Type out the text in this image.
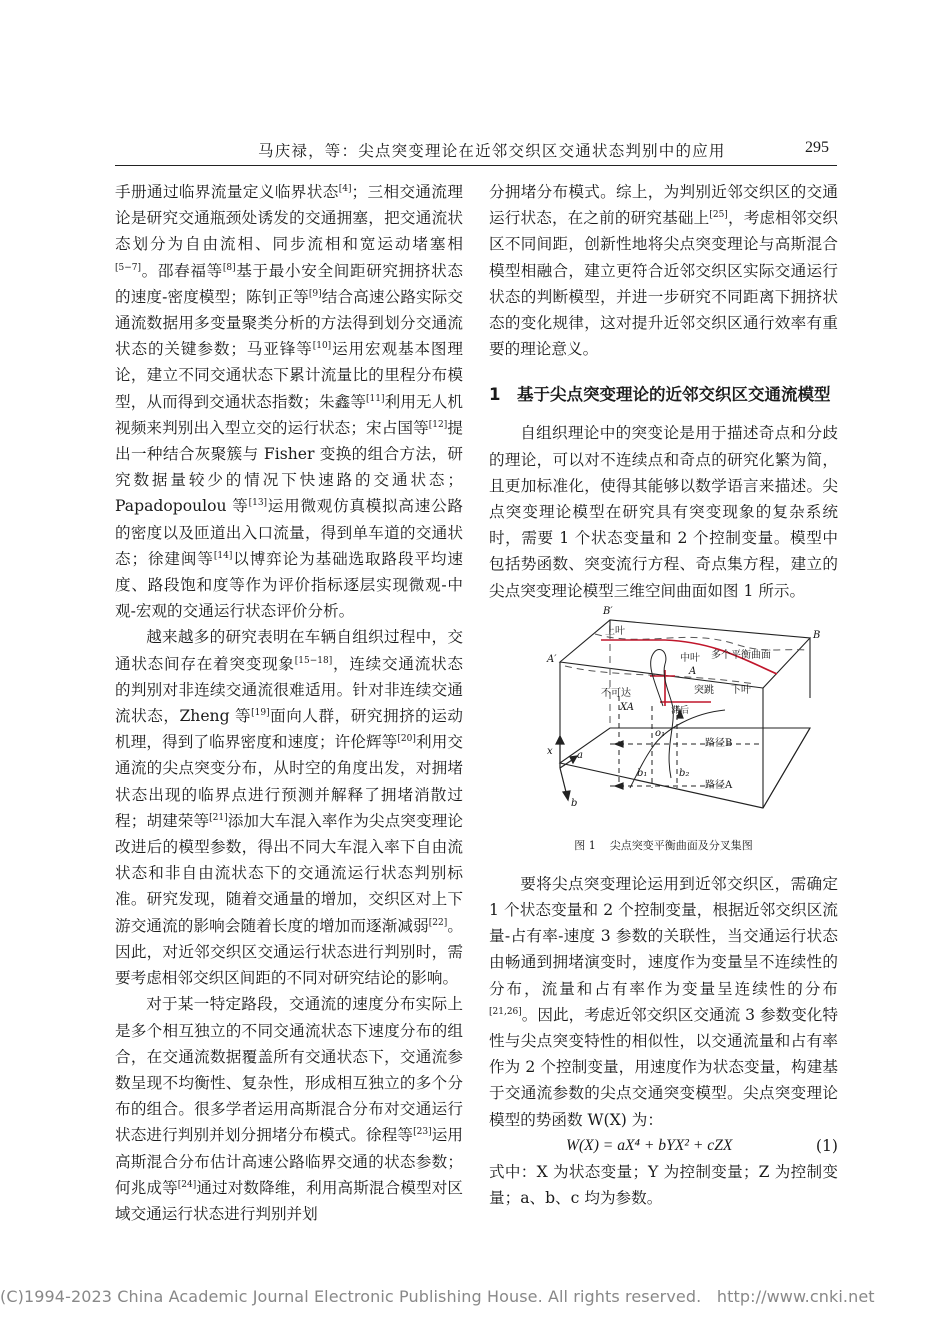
马庆禄，等：尖点突变理论在近邻交织区交通状态判别中的应用	295

手册通过临界流量定义临界状态[4]；三相交通流理论是研究交通瓶颈处诱发的交通拥塞，把交通流状态划分为自由流相、同步流相和宽运动堵塞相[5−7]。邵春福等[8]基于最小安全间距研究拥挤状态的速度-密度模型；陈钊正等[9]结合高速公路实际交通流数据用多变量聚类分析的方法得到划分交通流状态的关键参数；马亚锋等[10]运用宏观基本图理论，建立不同交通状态下累计流量比的里程分布模型，从而得到交通状态指数；朱鑫等[11]利用无人机视频来判别出入型立交的运行状态；宋占国等[12]提出一种结合灰聚簇与 Fisher 变换的组合方法，研究数据量较少的情况下快速路的交通状态；Papadopoulou 等[13]运用微观仿真模拟高速公路的密度以及匝道出入口流量，得到单车道的交通状态；徐建闽等[14]以博弈论为基础选取路段平均速度、路段饱和度等作为评价指标逐层实现微观-中观-宏观的交通运行状态评价分析。

越来越多的研究表明在车辆自组织过程中，交通状态间存在着突变现象[15−18]，连续交通流状态的判别对非连续交通流很难适用。针对非连续交通流状态，Zheng 等[19]面向人群，研究拥挤的运动机理，得到了临界密度和速度；许伦辉等[20]利用交通流的尖点突变分布，从时空的角度出发，对拥堵状态出现的临界点进行预测并解释了拥堵消散过程；胡建荣等[21]添加大车混入率作为尖点突变理论改进后的模型参数，得出不同大车混入率下自由流状态和非自由流状态下的交通流运行状态判别标准。研究发现，随着交通量的增加，交织区对上下游交通流的影响会随着长度的增加而逐渐减弱[22]。因此，对近邻交织区交通运行状态进行判别时，需要考虑相邻交织区间距的不同对研究结论的影响。

对于某一特定路段，交通流的速度分布实际上是多个相互独立的不同交通流状态下速度分布的组合，在交通流数据覆盖所有交通状态下，交通流参数呈现不均衡性、复杂性，形成相互独立的多个分布的组合。很多学者运用高斯混合分布对交通运行状态进行判别并划分拥堵分布模式。徐程等[23]运用高斯混合分布估计高速公路临界交通的状态参数；何兆成等[24]通过对数降维，利用高斯混合模型对区域交通运行状态进行判别并划

分拥堵分布模式。综上，为判别近邻交织区的交通运行状态，在之前的研究基础上[25]，考虑相邻交织区不同间距，创新性地将尖点突变理论与高斯混合模型相融合，建立更符合近邻交织区实际交通运行状态的判断模型，并进一步研究不同距离下拥挤状态的变化规律，这对提升近邻交织区通行效率有重要的理论意义。

1　基于尖点突变理论的近邻交织区交通流模型

自组织理论中的突变论是用于描述奇点和分歧的理论，可以对不连续点和奇点的研究化繁为简，且更加标准化，使得其能够以数学语言来描述。尖点突变理论模型在研究具有突变现象的复杂系统时，需要 1 个状态变量和 2 个控制变量。模型中包括势函数、突变流行方程、奇点集方程，建立的尖点突变理论模型三维空间曲面如图 1 所示。

B′
B
A′
A
上叶
中叶 多个平衡曲面
不可达	突跳 下叶
XA	滞后
o₁
路径B
路径A
b₁	b₂
x a
b

图 1 尖点突变平衡曲面及分叉集图

要将尖点突变理论运用到近邻交织区，需确定 1 个状态变量和 2 个控制变量，根据近邻交织区流量-占有率-速度 3 参数的关联性，当交通运行状态由畅通到拥堵演变时，速度作为变量呈不连续性的分布，流量和占有率作为变量呈连续性的分布[21,26]。因此，考虑近邻交织区交通流 3 参数变化特性与尖点突变特性的相似性，以交通流量和占有率作为 2 个控制变量，用速度作为状态变量，构建基于交通流参数的尖点交通突变模型。尖点突变理论模型的势函数 W(X) 为：

W(X) = aX⁴ + bYX² + cZX	(1)

式中：X 为状态变量；Y 为控制变量；Z 为控制变量；a、b、c 均为参数。

(C)1994-2023 China Academic Journal Electronic Publishing House. All rights reserved. http://www.cnki.net
